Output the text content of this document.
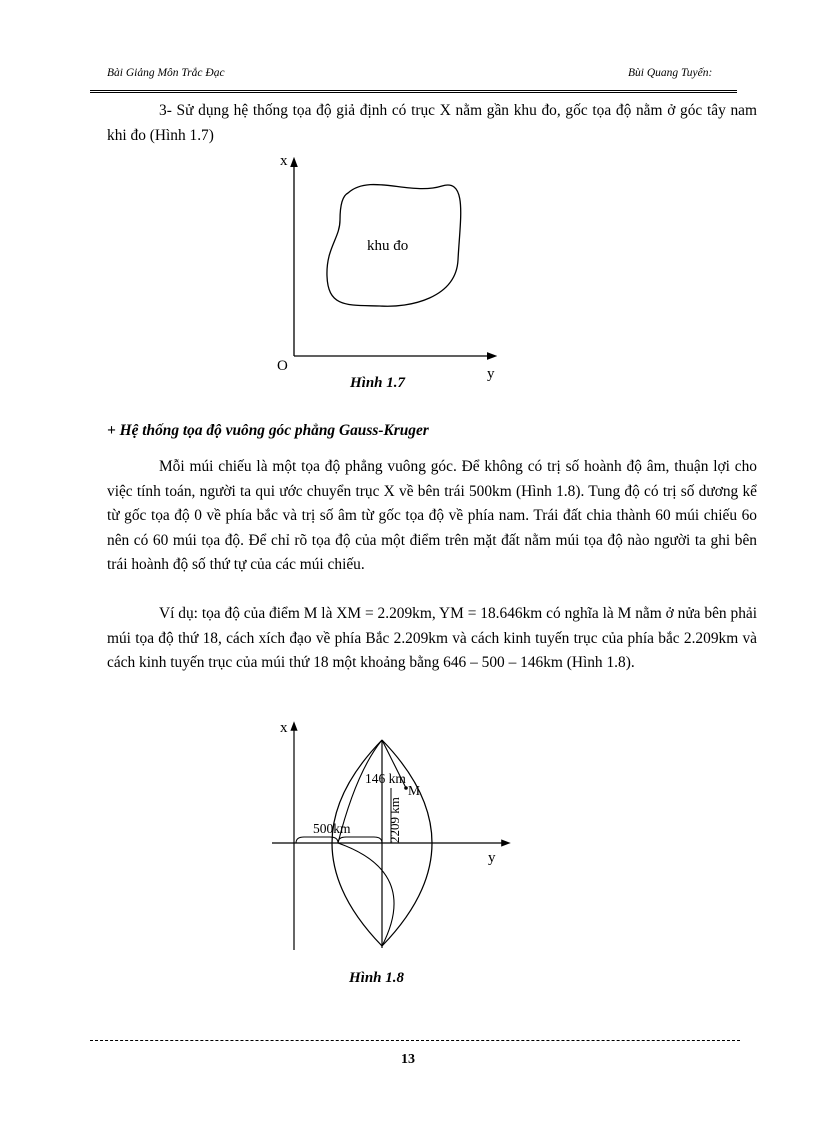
Bài Giảng Môn Trắc Đạc	Bùi Quang Tuyến:
3- Sử dụng hệ thống tọa độ giả định có trục X nằm gần khu đo, gốc tọa độ nằm ở góc tây nam khi đo (Hình 1.7)
x
y
O
khu đo
Hình 1.7
+ Hệ thống tọa độ vuông góc phẳng Gauss-Kruger
Mỗi múi chiếu là một tọa độ phẳng vuông góc. Để không có trị số hoành độ âm, thuận lợi cho việc tính toán, người ta qui ước chuyển trục X về bên trái 500km (Hình 1.8). Tung độ có trị số dương kể từ gốc tọa độ 0 về phía bắc và trị số âm từ gốc tọa độ về phía nam. Trái đất chia thành 60 múi chiếu 6o nên có 60 múi tọa độ. Để chỉ rõ tọa độ của một điểm trên mặt đất nằm múi tọa độ nào người ta ghi bên trái hoành độ số thứ tự của các múi chiếu.
Ví dụ: tọa độ của điểm M là XM = 2.209km, YM = 18.646km có nghĩa là M nằm ở nửa bên phải múi tọa độ thứ 18, cách xích đạo về phía Bắc 2.209km và cách kinh tuyến trục của phía bắc 2.209km và cách kinh tuyến trục của múi thứ 18 một khoảng bằng 646 – 500 – 146km (Hình 1.8).
x
y
146 km
M
500km	2209 km
Hình 1.8
13
